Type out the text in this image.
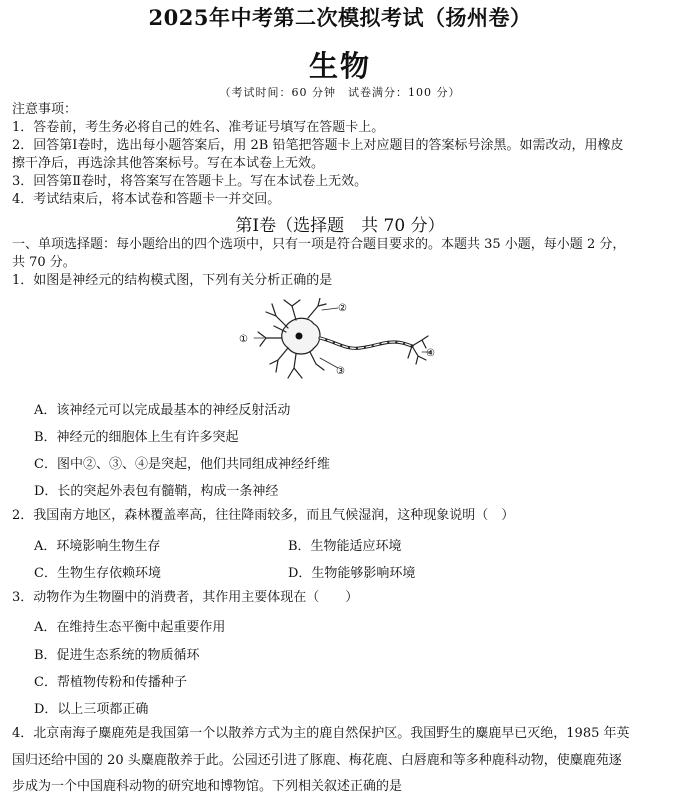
2025年中考第二次模拟考试（扬州卷）
生物
（考试时间：60 分钟　试卷满分：100 分）
注意事项：
1．答卷前，考生务必将自己的姓名、准考证号填写在答题卡上。
2．回答第Ⅰ卷时，选出每小题答案后，用 2B 铅笔把答题卡上对应题目的答案标号涂黑。如需改动，用橡皮
擦干净后，再选涂其他答案标号。写在本试卷上无效。
3．回答第Ⅱ卷时，将答案写在答题卡上。写在本试卷上无效。
4．考试结束后，将本试卷和答题卡一并交回。
第Ⅰ卷（选择题　共 70 分）
一、单项选择题：每小题给出的四个选项中，只有一项是符合题目要求的。本题共 35 小题，每小题 2 分，
共 70 分。
1．如图是神经元的结构模式图，下列有关分析正确的是
①
②
③
④
A．该神经元可以完成最基本的神经反射活动
B．神经元的细胞体上生有许多突起
C．图中②、③、④是突起，他们共同组成神经纤维
D．长的突起外表包有髓鞘，构成一条神经
2．我国南方地区，森林覆盖率高，往往降雨较多，而且气候湿润，这种现象说明（　）
A．环境影响生物生存	B．生物能适应环境
C．生物生存依赖环境	D．生物能够影响环境
3．动物作为生物圈中的消费者，其作用主要体现在（　　）
A．在维持生态平衡中起重要作用
B．促进生态系统的物质循环
C．帮植物传粉和传播种子
D．以上三项都正确
4．北京南海子麋鹿苑是我国第一个以散养方式为主的鹿自然保护区。我国野生的麋鹿早已灭绝，1985 年英
国归还给中国的 20 头麋鹿散养于此。公园还引进了豚鹿、梅花鹿、白唇鹿和等多种鹿科动物，使麋鹿苑逐
步成为一个中国鹿科动物的研究地和博物馆。下列相关叙述正确的是
